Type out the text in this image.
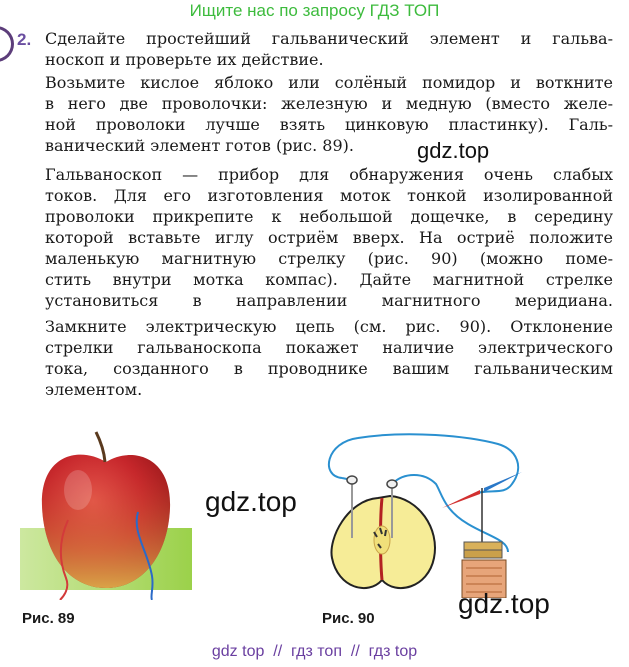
Ищите нас по запросу ГДЗ ТОП
2. Сделайте простейший гальванический элемент и гальва-
носкоп и проверьте их действие.
Возьмите кислое яблоко или солёный помидор и воткните
в него две проволочки: железную и медную (вместо желе-
ной проволоки лучше взять цинковую пластинку). Галь-
ванический элемент готов (рис. 89).
Гальваноскоп — прибор для обнаружения очень слабых
токов. Для его изготовления моток тонкой изолированной
проволоки прикрепите к небольшой дощечке, в середину
которой вставьте иглу остриём вверх. На остриё положите
маленькую магнитную стрелку (рис. 90) (можно поме-
стить внутри мотка компас). Дайте магнитной стрелке
установиться в направлении магнитного меридиана.
Замкните электрическую цепь (см. рис. 90). Отклонение
стрелки гальваноскопа покажет наличие электрического
тока, созданного в проводнике вашим гальваническим
элементом.
gdz.top
gdz.top
gdz.top
Рис. 89	Рис. 90
gdz top  //  гдз топ  //  гдз top
